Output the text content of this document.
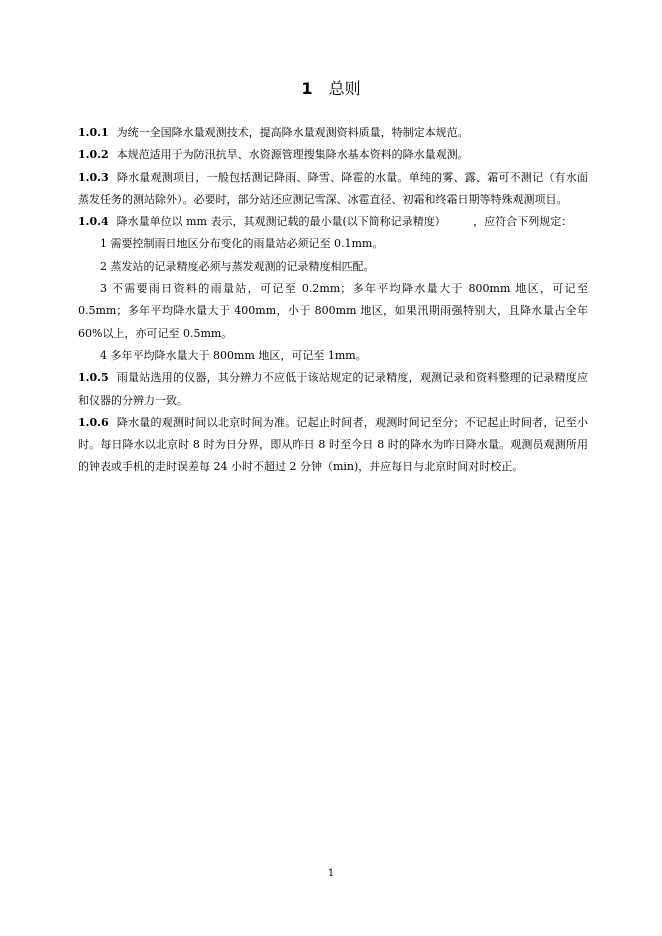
1 总则

1.0.1 为统一全国降水量观测技术，提高降水量观测资料质量，特制定本规范。

1.0.2 本规范适用于为防汛抗旱、水资源管理搜集降水基本资料的降水量观测。

1.0.3 降水量观测项目，一般包括测记降雨、降雪、降雹的水量。单纯的雾、露、霜可不测记（有水面蒸发任务的测站除外）。必要时，部分站还应测记雪深、冰雹直径、初霜和终霜日期等特殊观测项目。

1.0.4 降水量单位以 mm 表示，其观测记载的最小量(以下简称记录精度）　　　，应符合下列规定：

1 需要控制雨日地区分布变化的雨量站必须记至 0.1mm。

2 蒸发站的记录精度必须与蒸发观测的记录精度相匹配。

3 不需要雨日资料的雨量站，可记至 0.2mm；多年平均降水量大于 800mm 地区，可记至 0.5mm；多年平均降水量大于 400mm，小于 800mm 地区，如果汛期雨强特别大，且降水量占全年 60%以上，亦可记至 0.5mm。

4 多年平均降水量大于 800mm 地区，可记至 1mm。

1.0.5 雨量站选用的仪器，其分辨力不应低于该站规定的记录精度，观测记录和资料整理的记录精度应和仪器的分辨力一致。

1.0.6 降水量的观测时间以北京时间为准。记起止时间者，观测时间记至分；不记起止时间者，记至小时。每日降水以北京时 8 时为日分界，即从昨日 8 时至今日 8 时的降水为昨日降水量。观测员观测所用的钟表或手机的走时误差每 24 小时不超过 2 分钟（min)，并应每日与北京时间对时校正。

1
